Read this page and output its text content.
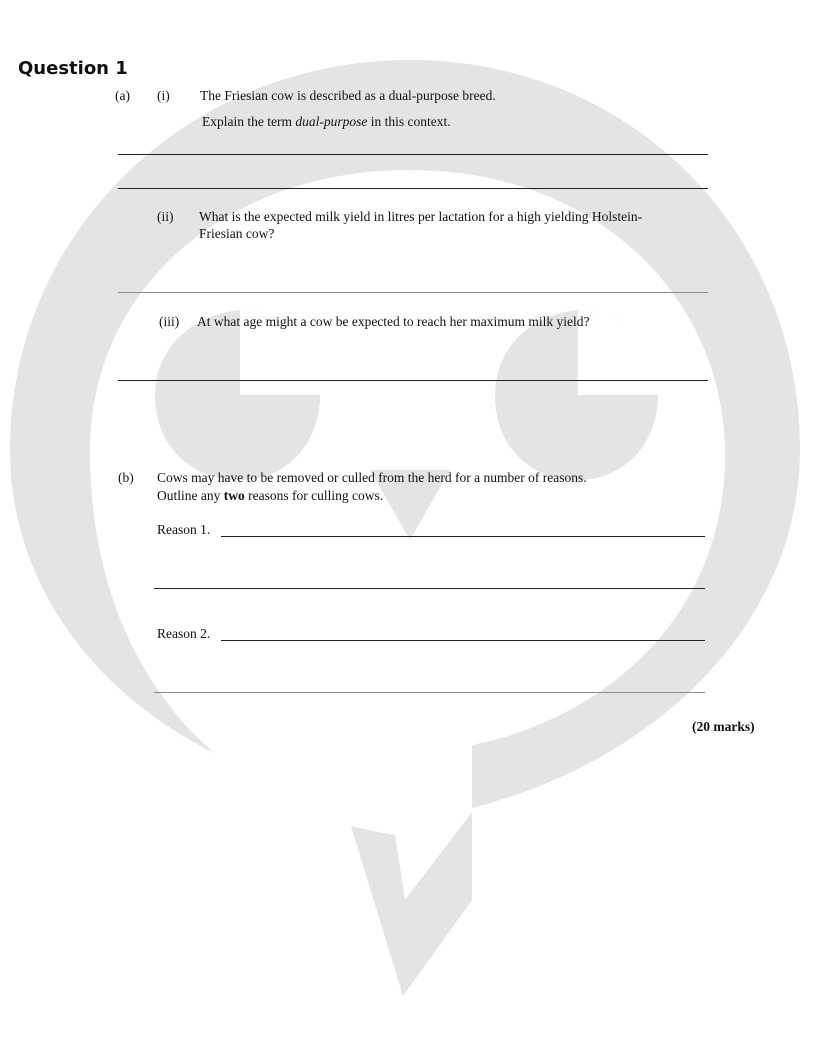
Question 1
(a) (i) The Friesian cow is described as a dual-purpose breed.
Explain the term dual-purpose in this context.
(ii) What is the expected milk yield in litres per lactation for a high yielding Holstein-
Friesian cow?
(iii) At what age might a cow be expected to reach her maximum milk yield?
(b) Cows may have to be removed or culled from the herd for a number of reasons.
Outline any two reasons for culling cows.
Reason 1.
Reason 2.
(20 marks)
